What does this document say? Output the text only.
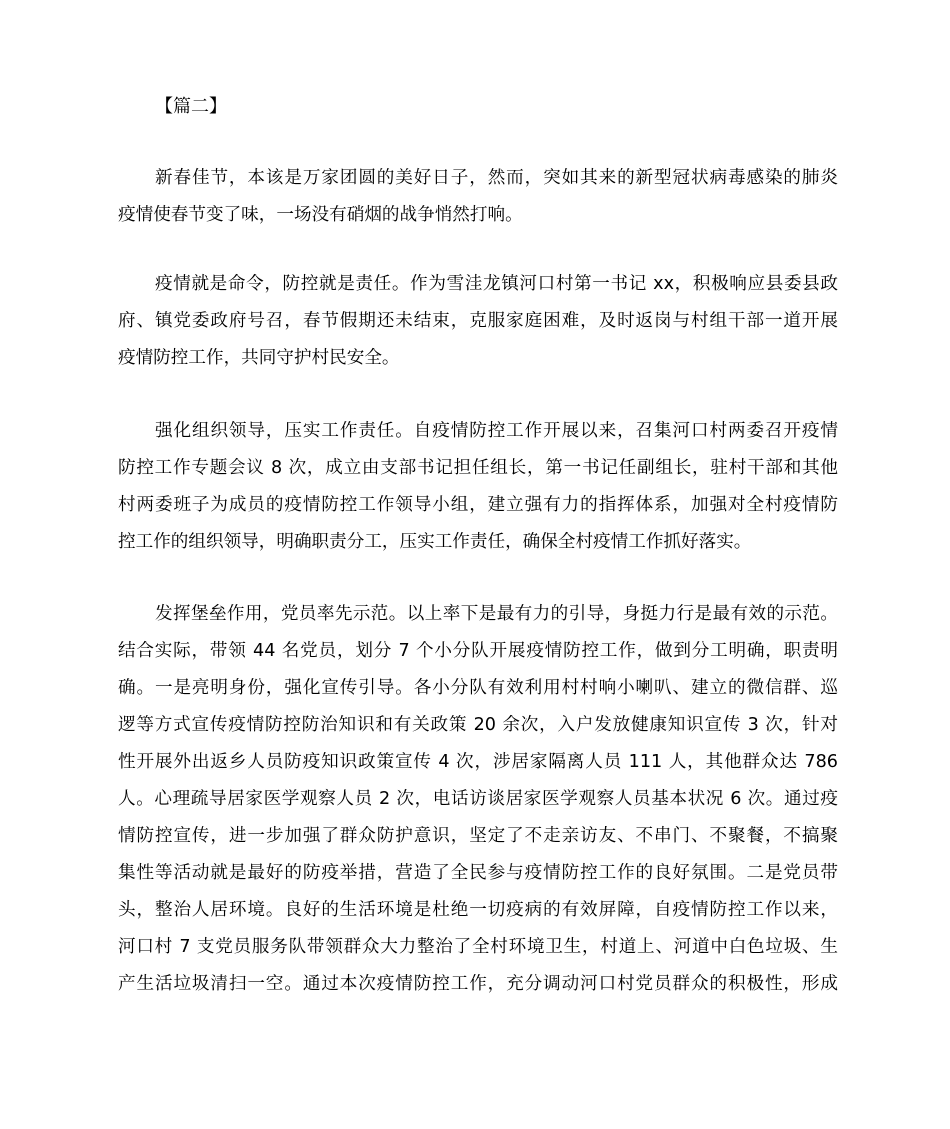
【篇二】
新春佳节，本该是万家团圆的美好日子，然而，突如其来的新型冠状病毒感染的肺炎
疫情使春节变了味，一场没有硝烟的战争悄然打响。
疫情就是命令，防控就是责任。作为雪洼龙镇河口村第一书记 xx，积极响应县委县政
府、镇党委政府号召，春节假期还未结束，克服家庭困难，及时返岗与村组干部一道开展
疫情防控工作，共同守护村民安全。
强化组织领导，压实工作责任。自疫情防控工作开展以来，召集河口村两委召开疫情
防控工作专题会议 8 次，成立由支部书记担任组长，第一书记任副组长，驻村干部和其他
村两委班子为成员的疫情防控工作领导小组，建立强有力的指挥体系，加强对全村疫情防
控工作的组织领导，明确职责分工，压实工作责任，确保全村疫情工作抓好落实。
发挥堡垒作用，党员率先示范。以上率下是最有力的引导，身挺力行是最有效的示范。
结合实际，带领 44 名党员，划分 7 个小分队开展疫情防控工作，做到分工明确，职责明
确。一是亮明身份，强化宣传引导。各小分队有效利用村村响小喇叭、建立的微信群、巡
逻等方式宣传疫情防控防治知识和有关政策 20 余次，入户发放健康知识宣传 3 次，针对
性开展外出返乡人员防疫知识政策宣传 4 次，涉居家隔离人员 111 人，其他群众达 786
人。心理疏导居家医学观察人员 2 次，电话访谈居家医学观察人员基本状况 6 次。通过疫
情防控宣传，进一步加强了群众防护意识，坚定了不走亲访友、不串门、不聚餐，不搞聚
集性等活动就是最好的防疫举措，营造了全民参与疫情防控工作的良好氛围。二是党员带
头，整治人居环境。良好的生活环境是杜绝一切疫病的有效屏障，自疫情防控工作以来，
河口村 7 支党员服务队带领群众大力整治了全村环境卫生，村道上、河道中白色垃圾、生
产生活垃圾清扫一空。通过本次疫情防控工作，充分调动河口村党员群众的积极性，形成
